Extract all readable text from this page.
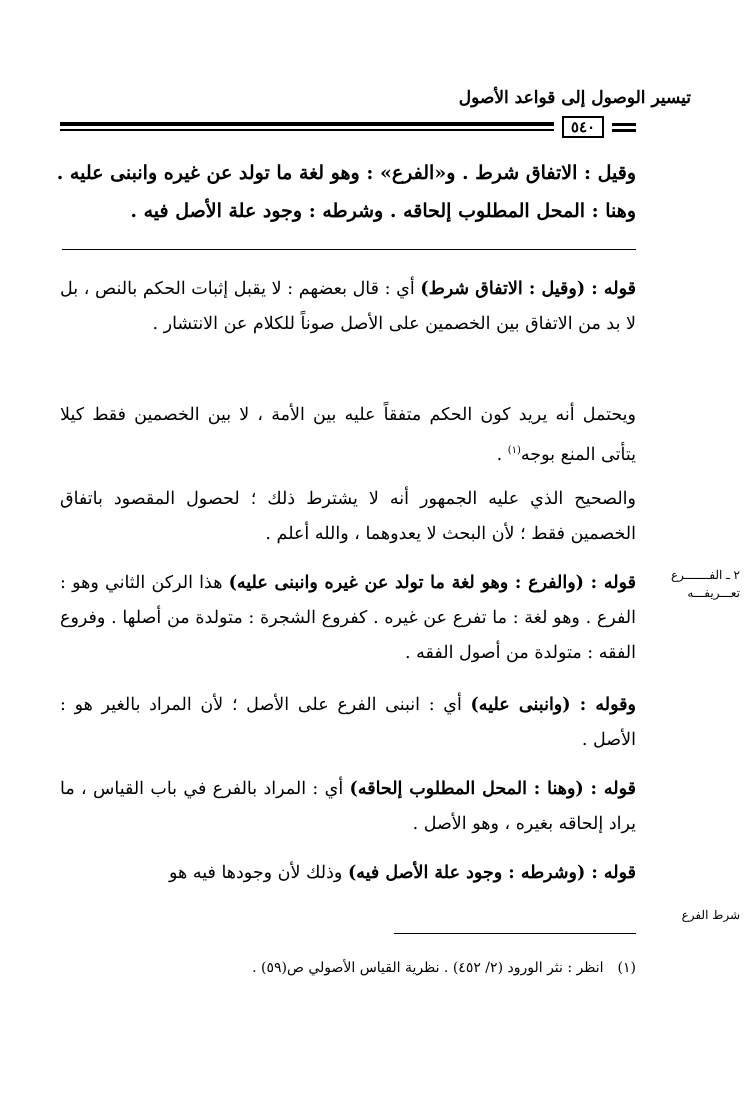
تيسير الوصول إلى قواعد الأصول
٥٤٠
وقيل : الاتفاق شرط . و«الفرع» : وهو لغة ما تولد عن غيره وانبنى عليه .
وهنا : المحل المطلوب إلحاقه . وشرطه : وجود علة الأصل فيه .
قوله : (وقيل : الاتفاق شرط) أي : قال بعضهم : لا يقبل إثبات الحكم بالنص ، بل لا بد من الاتفاق بين الخصمين على الأصل صوناً للكلام عن الانتشار .
ويحتمل أنه يريد كون الحكم متفقاً عليه بين الأمة ، لا بين الخصمين فقط كيلا يتأتى المنع بوجه$^{(١)}$ .
والصحيح الذي عليه الجمهور أنه لا يشترط ذلك ؛ لحصول المقصود باتفاق الخصمين فقط ؛ لأن البحث لا يعدوهما ، والله أعلم .
قوله : (والفرع : وهو لغة ما تولد عن غيره وانبنى عليه) هذا الركن الثاني وهو : الفرع . وهو لغة : ما تفرع عن غيره . كفروع الشجرة : متولدة من أصلها . وفروع الفقه : متولدة من أصول الفقه .
وقوله : (وانبنى عليه) أي : انبنى الفرع على الأصل ؛ لأن المراد بالغير هو : الأصل .
قوله : (وهنا : المحل المطلوب إلحاقه) أي : المراد بالفرع في باب القياس ، ما يراد إلحاقه بغيره ، وهو الأصل .
قوله : (وشرطه : وجود علة الأصل فيه) وذلك لأن وجودها فيه هو
٢ ـ الفـــــــرع
تعـــريفـــه
شرط الفرع
(١)انظر : نثر الورود (٢/ ٤٥٢) . نظرية القياس الأصولي ص(٥٩) .
